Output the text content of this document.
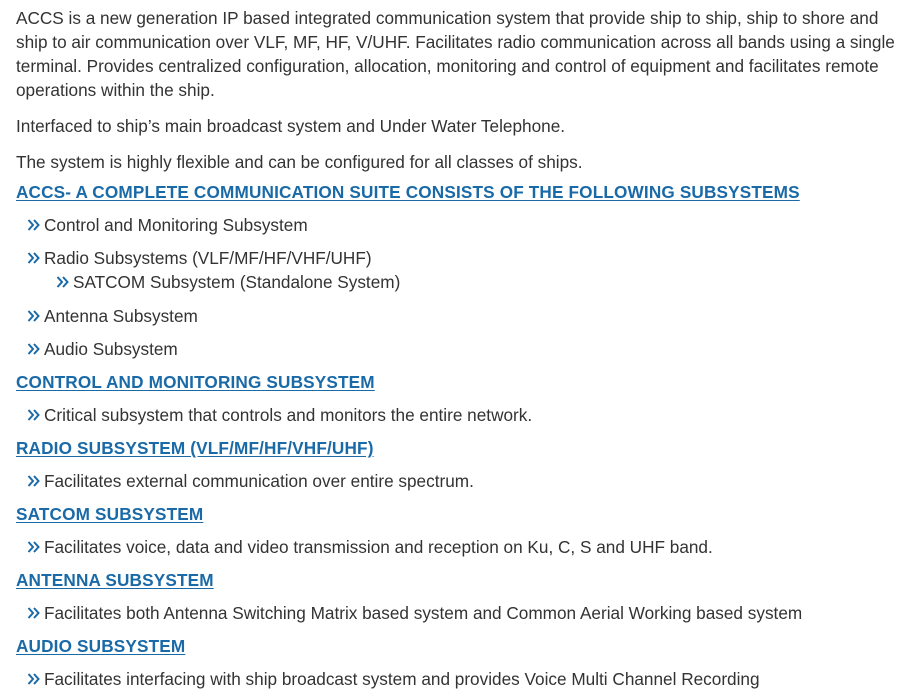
ACCS is a new generation IP based integrated communication system that provide ship to ship, ship to shore and ship to air communication over VLF, MF, HF, V/UHF. Facilitates radio communication across all bands using a single terminal. Provides centralized configuration, allocation, monitoring and control of equipment and facilitates remote operations within the ship.

Interfaced to ship’s main broadcast system and Under Water Telephone.

The system is highly flexible and can be configured for all classes of ships.

ACCS- A COMPLETE COMMUNICATION SUITE CONSISTS OF THE FOLLOWING SUBSYSTEMS
Control and Monitoring Subsystem
Radio Subsystems (VLF/MF/HF/VHF/UHF)
SATCOM Subsystem (Standalone System)
Antenna Subsystem
Audio Subsystem
CONTROL AND MONITORING SUBSYSTEM
Critical subsystem that controls and monitors the entire network.
RADIO SUBSYSTEM (VLF/MF/HF/VHF/UHF)
Facilitates external communication over entire spectrum.
SATCOM SUBSYSTEM
Facilitates voice, data and video transmission and reception on Ku, C, S and UHF band.
ANTENNA SUBSYSTEM
Facilitates both Antenna Switching Matrix based system and Common Aerial Working based system
AUDIO SUBSYSTEM
Facilitates interfacing with ship broadcast system and provides Voice Multi Channel Recording
